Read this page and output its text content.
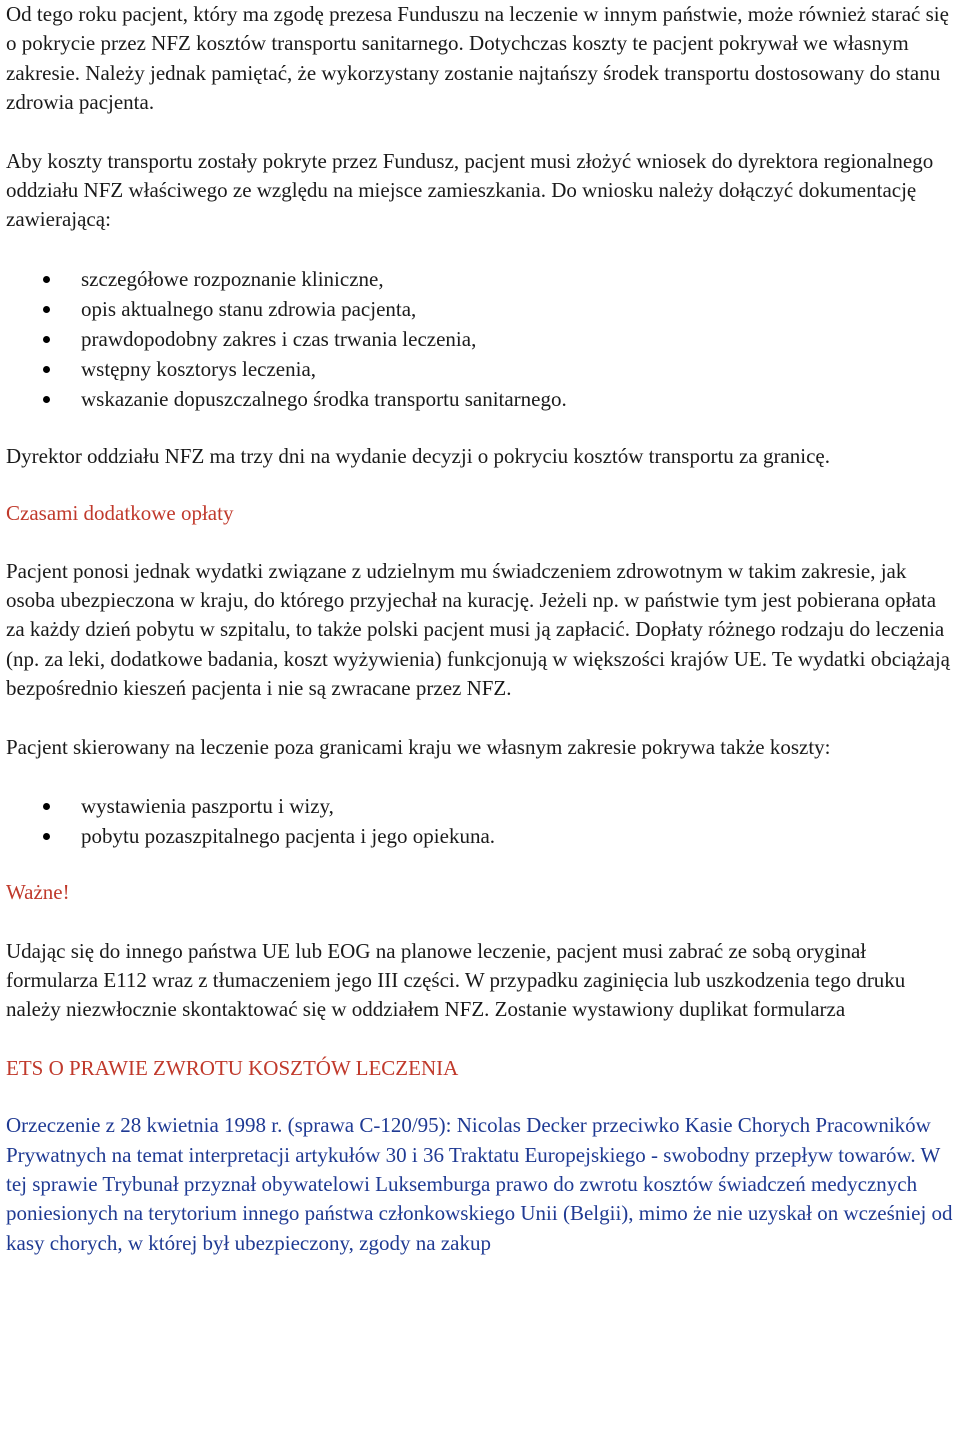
Od tego roku pacjent, który ma zgodę prezesa Funduszu na leczenie w innym państwie, może również starać się o pokrycie przez NFZ kosztów transportu sanitarnego. Dotychczas koszty te pacjent pokrywał we własnym zakresie. Należy jednak pamiętać, że wykorzystany zostanie najtańszy środek transportu dostosowany do stanu zdrowia pacjenta.

Aby koszty transportu zostały pokryte przez Fundusz, pacjent musi złożyć wniosek do dyrektora regionalnego oddziału NFZ właściwego ze względu na miejsce zamieszkania. Do wniosku należy dołączyć dokumentację zawierającą:

szczegółowe rozpoznanie kliniczne,
opis aktualnego stanu zdrowia pacjenta,
prawdopodobny zakres i czas trwania leczenia,
wstępny kosztorys leczenia,
wskazanie dopuszczalnego środka transportu sanitarnego.

Dyrektor oddziału NFZ ma trzy dni na wydanie decyzji o pokryciu kosztów transportu za granicę.

Czasami dodatkowe opłaty

Pacjent ponosi jednak wydatki związane z udzielnym mu świadczeniem zdrowotnym w takim zakresie, jak osoba ubezpieczona w kraju, do którego przyjechał na kurację. Jeżeli np. w państwie tym jest pobierana opłata za każdy dzień pobytu w szpitalu, to także polski pacjent musi ją zapłacić. Dopłaty różnego rodzaju do leczenia (np. za leki, dodatkowe badania, koszt wyżywienia) funkcjonują w większości krajów UE. Te wydatki obciążają bezpośrednio kieszeń pacjenta i nie są zwracane przez NFZ.

Pacjent skierowany na leczenie poza granicami kraju we własnym zakresie pokrywa także koszty:

wystawienia paszportu i wizy,
pobytu pozaszpitalnego pacjenta i jego opiekuna.

Ważne!

Udając się do innego państwa UE lub EOG na planowe leczenie, pacjent musi zabrać ze sobą oryginał formularza E112 wraz z tłumaczeniem jego III części. W przypadku zaginięcia lub uszkodzenia tego druku należy niezwłocznie skontaktować się w oddziałem NFZ. Zostanie wystawiony duplikat formularza

ETS O PRAWIE ZWROTU KOSZTÓW LECZENIA

Orzeczenie z 28 kwietnia 1998 r. (sprawa C-120/95): Nicolas Decker przeciwko Kasie Chorych Pracowników Prywatnych na temat interpretacji artykułów 30 i 36 Traktatu Europejskiego - swobodny przepływ towarów. W tej sprawie Trybunał przyznał obywatelowi Luksemburga prawo do zwrotu kosztów świadczeń medycznych poniesionych na terytorium innego państwa członkowskiego Unii (Belgii), mimo że nie uzyskał on wcześniej od kasy chorych, w której był ubezpieczony, zgody na zakup
